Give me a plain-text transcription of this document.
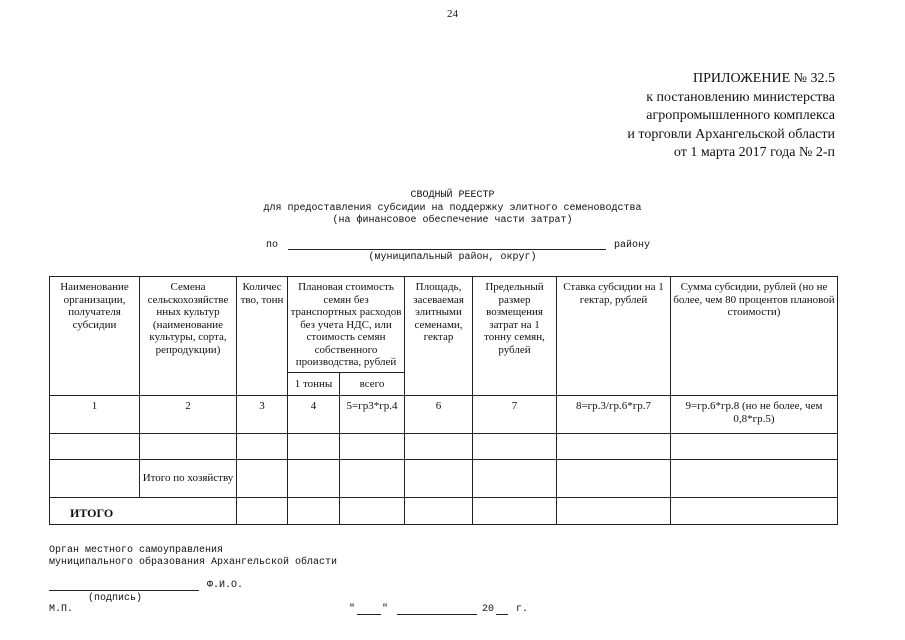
24
ПРИЛОЖЕНИЕ № 32.5
к постановлению министерства
агропромышленного комплекса
и торговли Архангельской области
от 1 марта 2017 года № 2-п
СВОДНЫЙ РЕЕСТР
для предоставления субсидии на поддержку элитного семеноводства
(на финансовое обеспечение части затрат)
по	району
(муниципальный район, округ)
Наименование организации, получателя субсидии	Семена сельскохозяйстве нных культур (наименование культуры, сорта, репродукции)	Количес тво, тонн	Плановая стоимость семян без транспортных расходов без учета НДС, или стоимость семян собственного производства, рублей		Площадь, засеваемая элитными семенами, гектар	Предельный размер возмещения затрат на 1 тонну семян, рублей	Ставка субсидии на 1 гектар, рублей	Сумма субсидии, рублей (но не более, чем 80 процентов плановой стоимости)
			1 тонны	всего				
1	2	3	4	5=гр3*гр.4	6	7	8=гр.3/гр.6*гр.7	9=гр.6*гр.8 (но не более, чем 0,8*гр.5)

	Итого по хозяйству							
ИТОГО								
Орган местного самоуправления
муниципального образования Архангельской области
Ф.И.О.
(подпись)
М.П.	"	"	20 г.
